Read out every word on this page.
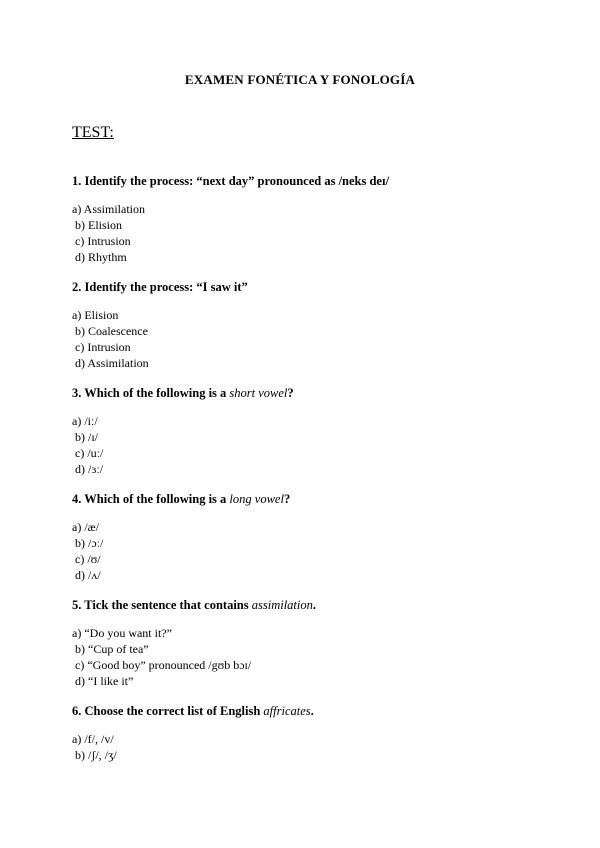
EXAMEN FONÉTICA Y FONOLOGÍA
TEST:
1. Identify the process: “next day” pronounced as /neks deɪ/
a) Assimilation
b) Elision
c) Intrusion
d) Rhythm
2. Identify the process: “I saw it”
a) Elision
b) Coalescence
c) Intrusion
d) Assimilation
3. Which of the following is a short vowel?
a) /iː/
b) /ɪ/
c) /uː/
d) /ɜː/
4. Which of the following is a long vowel?
a) /æ/
b) /ɔː/
c) /ʊ/
d) /ʌ/
5. Tick the sentence that contains assimilation.
a) “Do you want it?”
b) “Cup of tea”
c) “Good boy” pronounced /gʊb bɔɪ/
d) “I like it”
6. Choose the correct list of English affricates.
a) /f/, /v/
b) /ʃ/, /ʒ/
